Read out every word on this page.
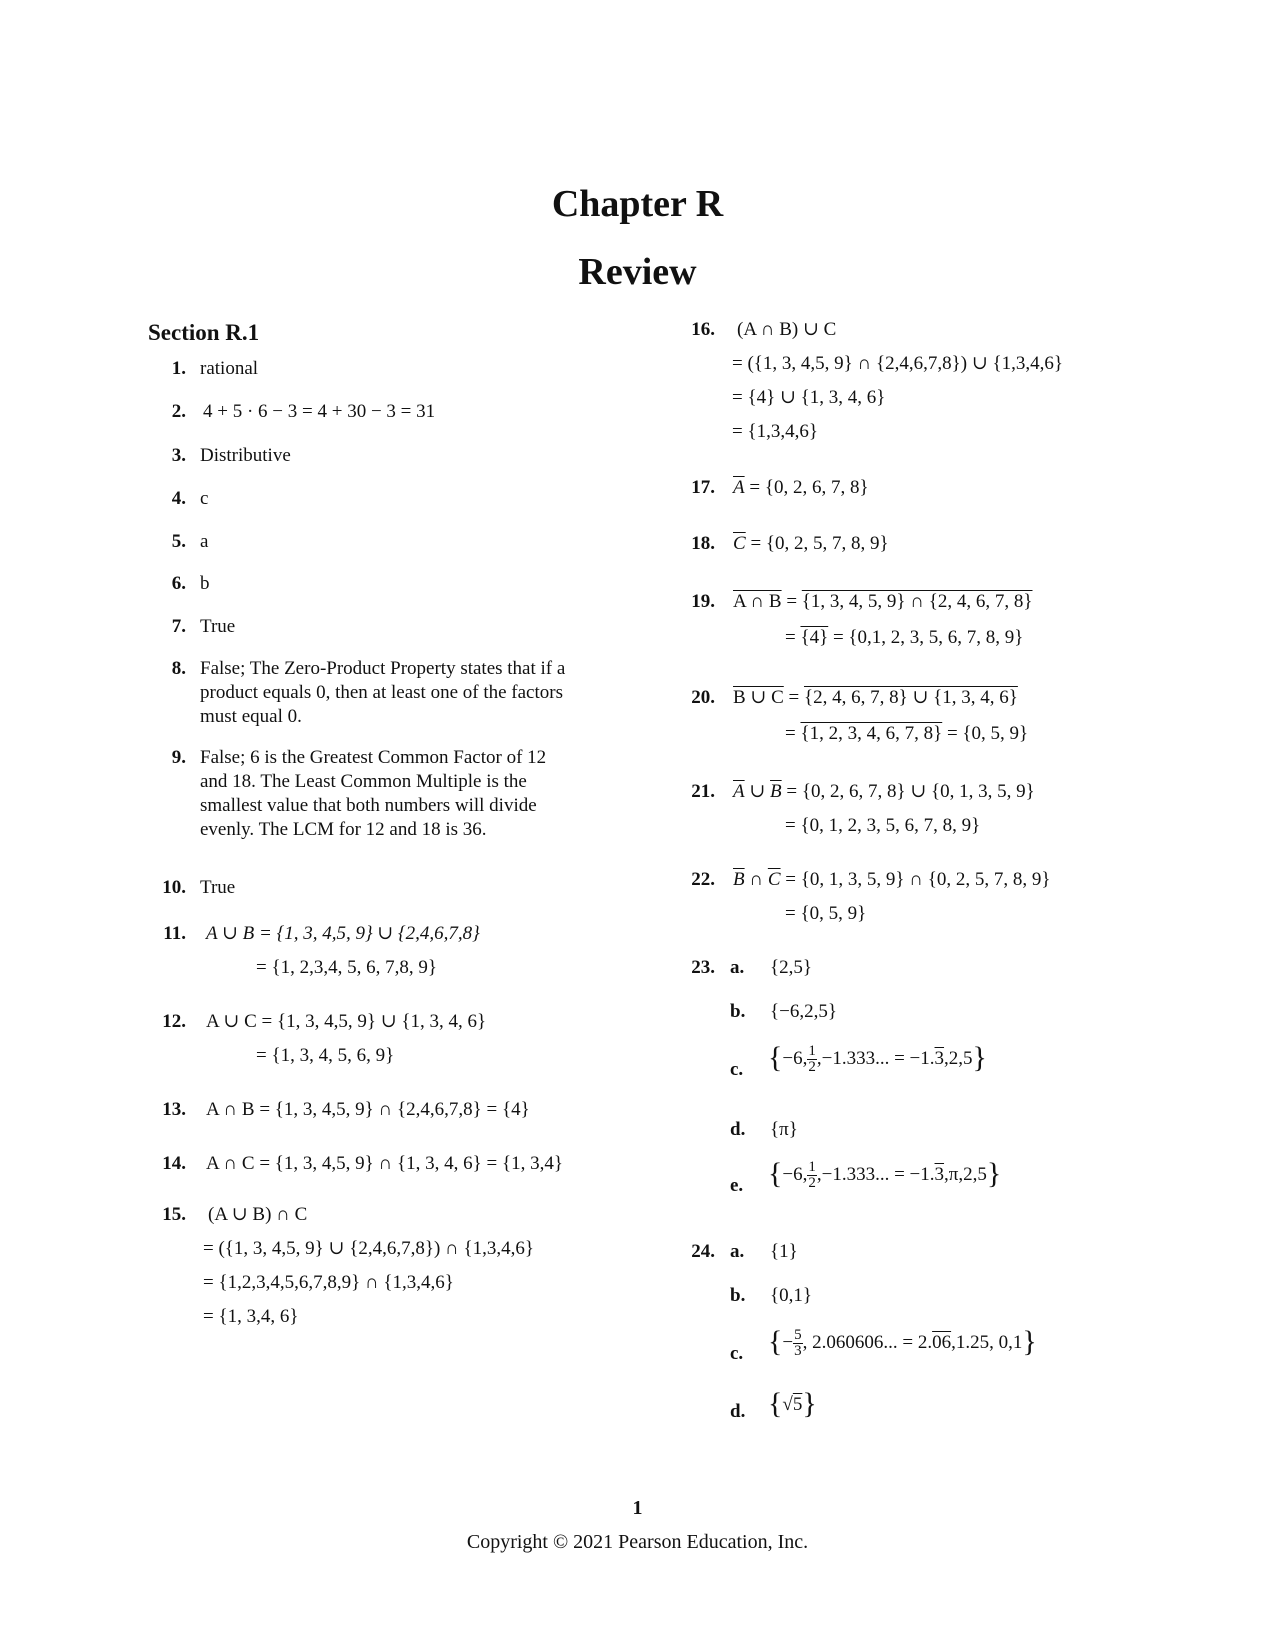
Chapter R
Review
Section R.1
1. rational
2. 4 + 5 · 6 − 3 = 4 + 30 − 3 = 31
3. Distributive
4. c
5. a
6. b
7. True
8. False; The Zero-Product Property states that if a
product equals 0, then at least one of the factors
must equal 0.
9. False; 6 is the Greatest Common Factor of 12
and 18. The Least Common Multiple is the
smallest value that both numbers will divide
evenly. The LCM for 12 and 18 is 36.
10. True
11. A ∪ B = {1, 3, 4,5, 9} ∪ {2,4,6,7,8}
= {1, 2,3,4, 5, 6, 7,8, 9}
12. A ∪ C = {1, 3, 4,5, 9} ∪ {1, 3, 4, 6}
= {1, 3, 4, 5, 6, 9}
13. A ∩ B = {1, 3, 4,5, 9} ∩ {2,4,6,7,8} = {4}
14. A ∩ C = {1, 3, 4,5, 9} ∩ {1, 3, 4, 6} = {1, 3,4}
15. (A ∪ B) ∩ C
= ({1, 3, 4,5, 9} ∪ {2,4,6,7,8}) ∩ {1,3,4,6}
= {1,2,3,4,5,6,7,8,9} ∩ {1,3,4,6}
= {1, 3,4, 6}
16. (A ∩ B) ∪ C
= ({1, 3, 4,5, 9} ∩ {2,4,6,7,8}) ∪ {1,3,4,6}
= {4} ∪ {1, 3, 4, 6}
= {1,3,4,6}
17. $\overline{A} = \{0$, 2, 6, 7, 8}
18. $\overline{C} = \{0$, 2, 5, 7, 8, 9}
19. A ∩ B = {1, 3, 4, 5, 9} ∩ {2, 4, 6, 7, 8}
= {4} = {0,1, 2, 3, 5, 6, 7, 8, 9}
20. B ∪ C = {2, 4, 6, 7, 8} ∪ {1, 3, 4, 6}
= {1, 2, 3, 4, 6, 7, 8} = {0, 5, 9}
21. $\overline{A}$ ∪ $\overline{B} = \{0$, 2, 6, 7, 8} ∪ {0, 1, 3, 5, 9}
= {0, 1, 2, 3, 5, 6, 7, 8, 9}
22. $\overline{B}$ ∩ $\overline{C} = \{0$, 1, 3, 5, 9} ∩ {0, 2, 5, 7, 8, 9}
= {0, 5, 9}
23. a. {2,5}
b. {−6,2,5}
c. {−6, $\frac{1}{2} ,-1.333$... = −1.3,2,5}
d. {π}
e. {−6, $\frac{1}{2} ,-1.333$... = −1.3,π,2,5}
24. a. {1}
b. {0,1}
c. {− $\frac{5}{3}$ , 2.060606... = 2.06,1.25, 0,1}
d. {√5}
1
Copyright © 2021 Pearson Education, Inc.
